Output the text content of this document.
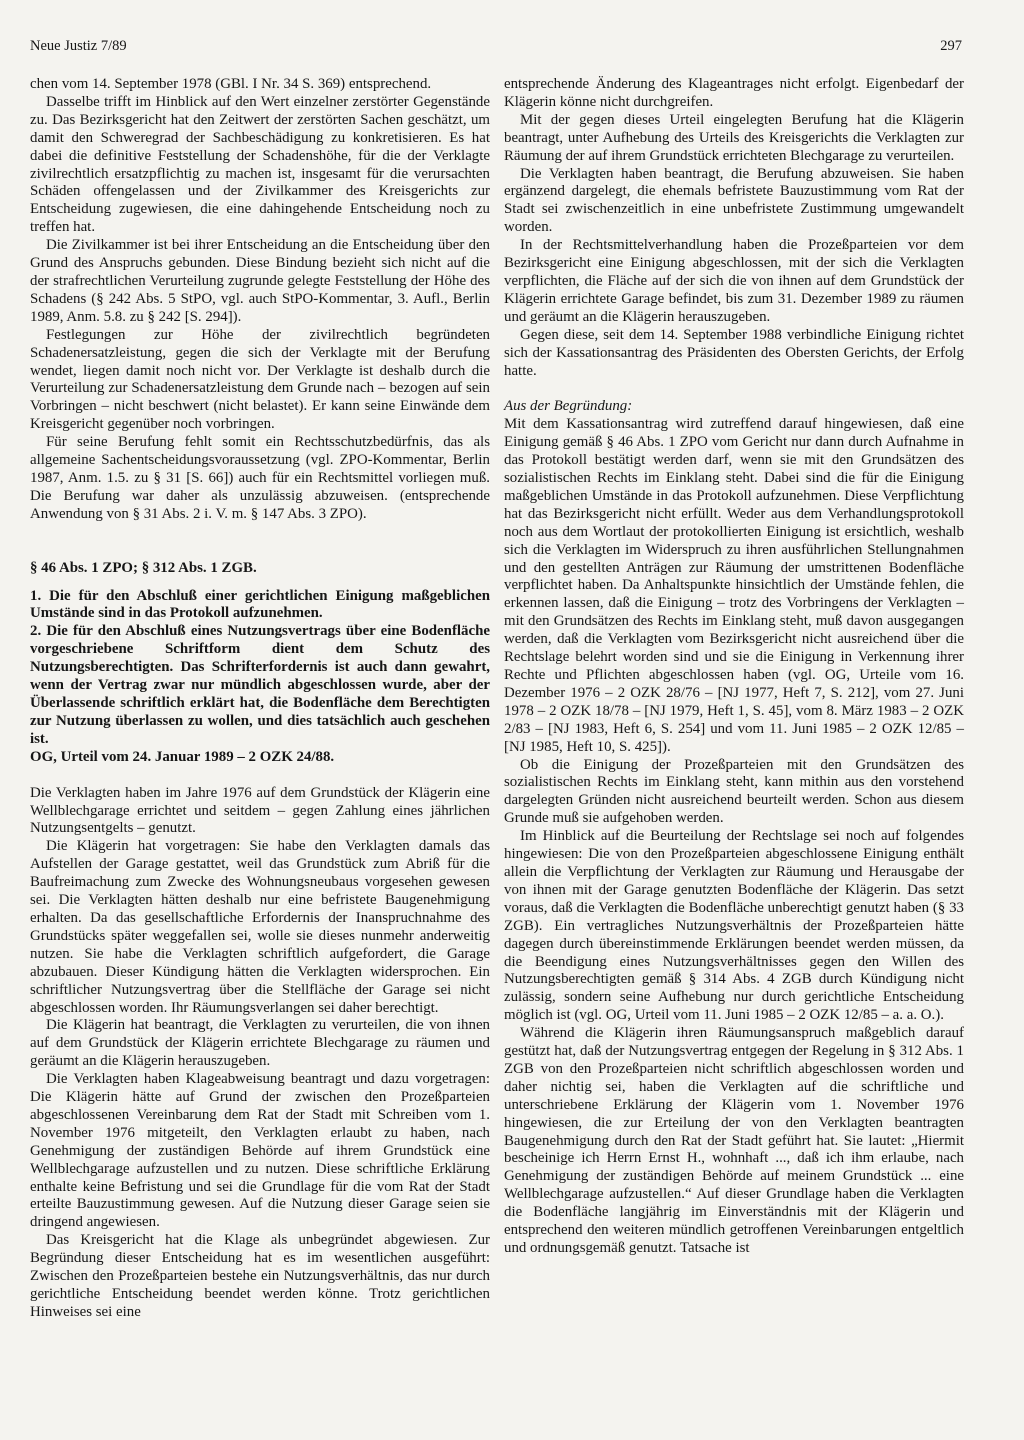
Neue Justiz 7/89	297

chen vom 14. September 1978 (GBl. I Nr. 34 S. 369) entsprechend.

Dasselbe trifft im Hinblick auf den Wert einzelner zerstörter Gegenstände zu. Das Bezirksgericht hat den Zeitwert der zerstörten Sachen geschätzt, um damit den Schweregrad der Sachbeschädigung zu konkretisieren. Es hat dabei die definitive Feststellung der Schadenshöhe, für die der Verklagte zivilrechtlich ersatzpflichtig zu machen ist, insgesamt für die verursachten Schäden offengelassen und der Zivilkammer des Kreisgerichts zur Entscheidung zugewiesen, die eine dahingehende Entscheidung noch zu treffen hat.

Die Zivilkammer ist bei ihrer Entscheidung an die Entscheidung über den Grund des Anspruchs gebunden. Diese Bindung bezieht sich nicht auf die der strafrechtlichen Verurteilung zugrunde gelegte Feststellung der Höhe des Schadens (§ 242 Abs. 5 StPO, vgl. auch StPO-Kommentar, 3. Aufl., Berlin 1989, Anm. 5.8. zu § 242 [S. 294]).

Festlegungen zur Höhe der zivilrechtlich begründeten Schadenersatzleistung, gegen die sich der Verklagte mit der Berufung wendet, liegen damit noch nicht vor. Der Verklagte ist deshalb durch die Verurteilung zur Schadenersatzleistung dem Grunde nach – bezogen auf sein Vorbringen – nicht beschwert (nicht belastet). Er kann seine Einwände dem Kreisgericht gegenüber noch vorbringen.

Für seine Berufung fehlt somit ein Rechtsschutzbedürfnis, das als allgemeine Sachentscheidungsvoraussetzung (vgl. ZPO-Kommentar, Berlin 1987, Anm. 1.5. zu § 31 [S. 66]) auch für ein Rechtsmittel vorliegen muß. Die Berufung war daher als unzulässig abzuweisen. (entsprechende Anwendung von § 31 Abs. 2 i. V. m. § 147 Abs. 3 ZPO).

§ 46 Abs. 1 ZPO; § 312 Abs. 1 ZGB.

1. Die für den Abschluß einer gerichtlichen Einigung maßgeblichen Umstände sind in das Protokoll aufzunehmen.

2. Die für den Abschluß eines Nutzungsvertrags über eine Bodenfläche vorgeschriebene Schriftform dient dem Schutz des Nutzungsberechtigten. Das Schrifterfordernis ist auch dann gewahrt, wenn der Vertrag zwar nur mündlich abgeschlossen wurde, aber der Überlassende schriftlich erklärt hat, die Bodenfläche dem Berechtigten zur Nutzung überlassen zu wollen, und dies tatsächlich auch geschehen ist.

OG, Urteil vom 24. Januar 1989 – 2 OZK 24/88.

Die Verklagten haben im Jahre 1976 auf dem Grundstück der Klägerin eine Wellblechgarage errichtet und seitdem – gegen Zahlung eines jährlichen Nutzungsentgelts – genutzt.

Die Klägerin hat vorgetragen: Sie habe den Verklagten damals das Aufstellen der Garage gestattet, weil das Grundstück zum Abriß für die Baufreimachung zum Zwecke des Wohnungsneubaus vorgesehen gewesen sei. Die Verklagten hätten deshalb nur eine befristete Baugenehmigung erhalten. Da das gesellschaftliche Erfordernis der Inanspruchnahme des Grundstücks später weggefallen sei, wolle sie dieses nunmehr anderweitig nutzen. Sie habe die Verklagten schriftlich aufgefordert, die Garage abzubauen. Dieser Kündigung hätten die Verklagten widersprochen. Ein schriftlicher Nutzungsvertrag über die Stellfläche der Garage sei nicht abgeschlossen worden. Ihr Räumungsverlangen sei daher berechtigt.

Die Klägerin hat beantragt, die Verklagten zu verurteilen, die von ihnen auf dem Grundstück der Klägerin errichtete Blechgarage zu räumen und geräumt an die Klägerin herauszugeben.

Die Verklagten haben Klageabweisung beantragt und dazu vorgetragen: Die Klägerin hätte auf Grund der zwischen den Prozeßparteien abgeschlossenen Vereinbarung dem Rat der Stadt mit Schreiben vom 1. November 1976 mitgeteilt, den Verklagten erlaubt zu haben, nach Genehmigung der zuständigen Behörde auf ihrem Grundstück eine Wellblechgarage aufzustellen und zu nutzen. Diese schriftliche Erklärung enthalte keine Befristung und sei die Grundlage für die vom Rat der Stadt erteilte Bauzustimmung gewesen. Auf die Nutzung dieser Garage seien sie dringend angewiesen.

Das Kreisgericht hat die Klage als unbegründet abgewiesen. Zur Begründung dieser Entscheidung hat es im wesentlichen ausgeführt: Zwischen den Prozeßparteien bestehe ein Nutzungsverhältnis, das nur durch gerichtliche Entscheidung beendet werden könne. Trotz gerichtlichen Hinweises sei eine

entsprechende Änderung des Klageantrages nicht erfolgt. Eigenbedarf der Klägerin könne nicht durchgreifen.

Mit der gegen dieses Urteil eingelegten Berufung hat die Klägerin beantragt, unter Aufhebung des Urteils des Kreisgerichts die Verklagten zur Räumung der auf ihrem Grundstück errichteten Blechgarage zu verurteilen.

Die Verklagten haben beantragt, die Berufung abzuweisen. Sie haben ergänzend dargelegt, die ehemals befristete Bauzustimmung vom Rat der Stadt sei zwischenzeitlich in eine unbefristete Zustimmung umgewandelt worden.

In der Rechtsmittelverhandlung haben die Prozeßparteien vor dem Bezirksgericht eine Einigung abgeschlossen, mit der sich die Verklagten verpflichten, die Fläche auf der sich die von ihnen auf dem Grundstück der Klägerin errichtete Garage befindet, bis zum 31. Dezember 1989 zu räumen und geräumt an die Klägerin herauszugeben.

Gegen diese, seit dem 14. September 1988 verbindliche Einigung richtet sich der Kassationsantrag des Präsidenten des Obersten Gerichts, der Erfolg hatte.

Aus der Begründung:

Mit dem Kassationsantrag wird zutreffend darauf hingewiesen, daß eine Einigung gemäß § 46 Abs. 1 ZPO vom Gericht nur dann durch Aufnahme in das Protokoll bestätigt werden darf, wenn sie mit den Grundsätzen des sozialistischen Rechts im Einklang steht. Dabei sind die für die Einigung maßgeblichen Umstände in das Protokoll aufzunehmen. Diese Verpflichtung hat das Bezirksgericht nicht erfüllt. Weder aus dem Verhandlungsprotokoll noch aus dem Wortlaut der protokollierten Einigung ist ersichtlich, weshalb sich die Verklagten im Widerspruch zu ihren ausführlichen Stellungnahmen und den gestellten Anträgen zur Räumung der umstrittenen Bodenfläche verpflichtet haben. Da Anhaltspunkte hinsichtlich der Umstände fehlen, die erkennen lassen, daß die Einigung – trotz des Vorbringens der Verklagten – mit den Grundsätzen des Rechts im Einklang steht, muß davon ausgegangen werden, daß die Verklagten vom Bezirksgericht nicht ausreichend über die Rechtslage belehrt worden sind und sie die Einigung in Verkennung ihrer Rechte und Pflichten abgeschlossen haben (vgl. OG, Urteile vom 16. Dezember 1976 – 2 OZK 28/76 – [NJ 1977, Heft 7, S. 212], vom 27. Juni 1978 – 2 OZK 18/78 – [NJ 1979, Heft 1, S. 45], vom 8. März 1983 – 2 OZK 2/83 – [NJ 1983, Heft 6, S. 254] und vom 11. Juni 1985 – 2 OZK 12/85 – [NJ 1985, Heft 10, S. 425]).

Ob die Einigung der Prozeßparteien mit den Grundsätzen des sozialistischen Rechts im Einklang steht, kann mithin aus den vorstehend dargelegten Gründen nicht ausreichend beurteilt werden. Schon aus diesem Grunde muß sie aufgehoben werden.

Im Hinblick auf die Beurteilung der Rechtslage sei noch auf folgendes hingewiesen: Die von den Prozeßparteien abgeschlossene Einigung enthält allein die Verpflichtung der Verklagten zur Räumung und Herausgabe der von ihnen mit der Garage genutzten Bodenfläche der Klägerin. Das setzt voraus, daß die Verklagten die Bodenfläche unberechtigt genutzt haben (§ 33 ZGB). Ein vertragliches Nutzungsverhältnis der Prozeßparteien hätte dagegen durch übereinstimmende Erklärungen beendet werden müssen, da die Beendigung eines Nutzungsverhältnisses gegen den Willen des Nutzungsberechtigten gemäß § 314 Abs. 4 ZGB durch Kündigung nicht zulässig, sondern seine Aufhebung nur durch gerichtliche Entscheidung möglich ist (vgl. OG, Urteil vom 11. Juni 1985 – 2 OZK 12/85 – a. a. O.).

Während die Klägerin ihren Räumungsanspruch maßgeblich darauf gestützt hat, daß der Nutzungsvertrag entgegen der Regelung in § 312 Abs. 1 ZGB von den Prozeßparteien nicht schriftlich abgeschlossen worden und daher nichtig sei, haben die Verklagten auf die schriftliche und unterschriebene Erklärung der Klägerin vom 1. November 1976 hingewiesen, die zur Erteilung der von den Verklagten beantragten Baugenehmigung durch den Rat der Stadt geführt hat. Sie lautet: „Hiermit bescheinige ich Herrn Ernst H., wohnhaft ..., daß ich ihm erlaube, nach Genehmigung der zuständigen Behörde auf meinem Grundstück ... eine Wellblechgarage aufzustellen.“ Auf dieser Grundlage haben die Verklagten die Bodenfläche langjährig im Einverständnis mit der Klägerin und entsprechend den weiteren mündlich getroffenen Vereinbarungen entgeltlich und ordnungsgemäß genutzt. Tatsache ist
